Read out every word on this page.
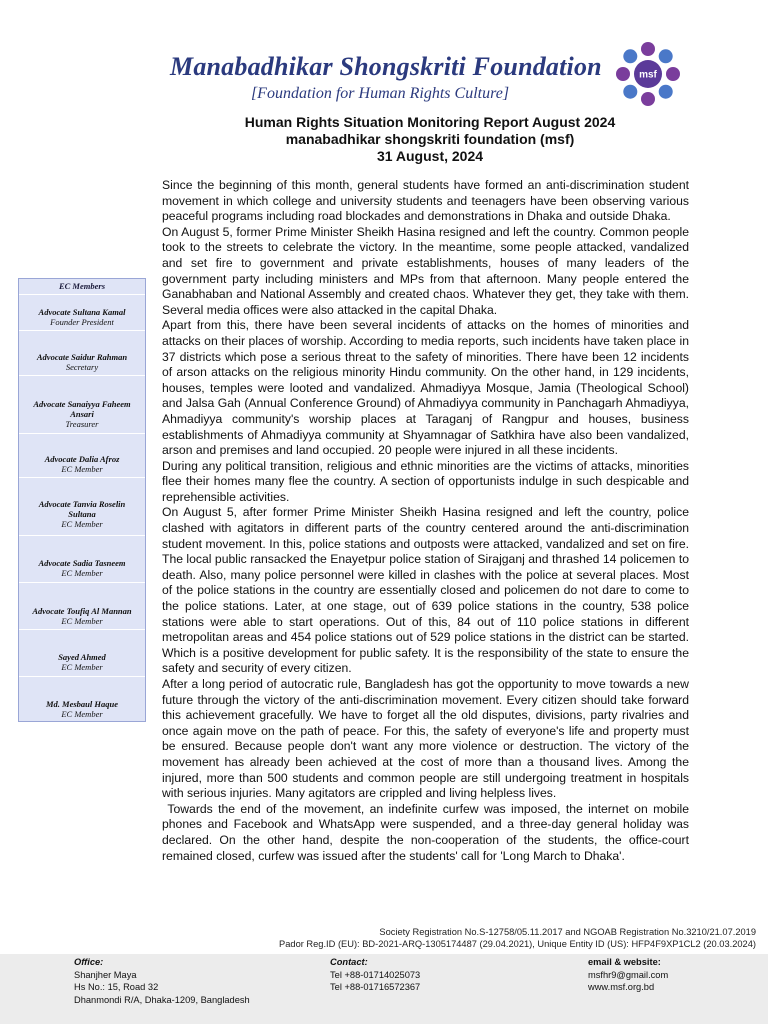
Manabadhikar Shongskriti Foundation
[Foundation for Human Rights Culture]
msf
Human Rights Situation Monitoring Report August 2024
manabadhikar shongskriti foundation (msf)
31 August, 2024
EC Members
Advocate Sultana Kamal
Founder President
Advocate Saidur Rahman
Secretary
Advocate Sanaiyya Faheem Ansari
Treasurer
Advocate Dalia Afroz
EC Member
Advocate Tanvia Roselin Sultana
EC Member
Advocate Sadia Tasneem
EC Member
Advocate Toufiq Al Mannan
EC Member
Sayed Ahmed
EC Member
Md. Mesbaul Haque
EC Member

Since the beginning of this month, general students have formed an anti-discrimination student movement in which college and university students and teenagers have been observing various peaceful programs including road blockades and demonstrations in Dhaka and outside Dhaka.

On August 5, former Prime Minister Sheikh Hasina resigned and left the country. Common people took to the streets to celebrate the victory. In the meantime, some people attacked, vandalized and set fire to government and private establishments, houses of many leaders of the government party including ministers and MPs from that afternoon. Many people entered the Ganabhaban and National Assembly and created chaos. Whatever they get, they take with them. Several media offices were also attacked in the capital Dhaka.

Apart from this, there have been several incidents of attacks on the homes of minorities and attacks on their places of worship. According to media reports, such incidents have taken place in 37 districts which pose a serious threat to the safety of minorities. There have been 12 incidents of arson attacks on the religious minority Hindu community. On the other hand, in 129 incidents, houses, temples were looted and vandalized. Ahmadiyya Mosque, Jamia (Theological School) and Jalsa Gah (Annual Conference Ground) of Ahmadiyya community in Panchagarh Ahmadiyya, Ahmadiyya community's worship places at Taraganj of Rangpur and houses, business establishments of Ahmadiyya community at Shyamnagar of Satkhira have also been vandalized, arson and premises and land occupied. 20 people were injured in all these incidents.

During any political transition, religious and ethnic minorities are the victims of attacks, minorities flee their homes many flee the country. A section of opportunists indulge in such despicable and reprehensible activities.

On August 5, after former Prime Minister Sheikh Hasina resigned and left the country, police clashed with agitators in different parts of the country centered around the anti-discrimination student movement. In this, police stations and outposts were attacked, vandalized and set on fire. The local public ransacked the Enayetpur police station of Sirajganj and thrashed 14 policemen to death. Also, many police personnel were killed in clashes with the police at several places. Most of the police stations in the country are essentially closed and policemen do not dare to come to the police stations. Later, at one stage, out of 639 police stations in the country, 538 police stations were able to start operations. Out of this, 84 out of 110 police stations in different metropolitan areas and 454 police stations out of 529 police stations in the district can be started. Which is a positive development for public safety. It is the responsibility of the state to ensure the safety and security of every citizen.

After a long period of autocratic rule, Bangladesh has got the opportunity to move towards a new future through the victory of the anti-discrimination movement. Every citizen should take forward this achievement gracefully. We have to forget all the old disputes, divisions, party rivalries and once again move on the path of peace. For this, the safety of everyone's life and property must be ensured. Because people don't want any more violence or destruction. The victory of the movement has already been achieved at the cost of more than a thousand lives. Among the injured, more than 500 students and common people are still undergoing treatment in hospitals with serious injuries. Many agitators are crippled and living helpless lives.

Towards the end of the movement, an indefinite curfew was imposed, the internet on mobile phones and Facebook and WhatsApp were suspended, and a three-day general holiday was declared. On the other hand, despite the non-cooperation of the students, the office-court remained closed, curfew was issued after the students' call for 'Long March to Dhaka'.

Society Registration No.S-12758/05.11.2017 and NGOAB Registration No.3210/21.07.2019
Pador Reg.ID (EU): BD-2021-ARQ-1305174487 (29.04.2021), Unique Entity ID (US): HFP4F9XP1CL2 (20.03.2024)
Office:
Shanjher Maya
Hs No.: 15, Road 32
Dhanmondi R/A, Dhaka-1209, Bangladesh
Contact:
Tel +88-01714025073
Tel +88-01716572367
email & website:
msfhr9@gmail.com
www.msf.org.bd
